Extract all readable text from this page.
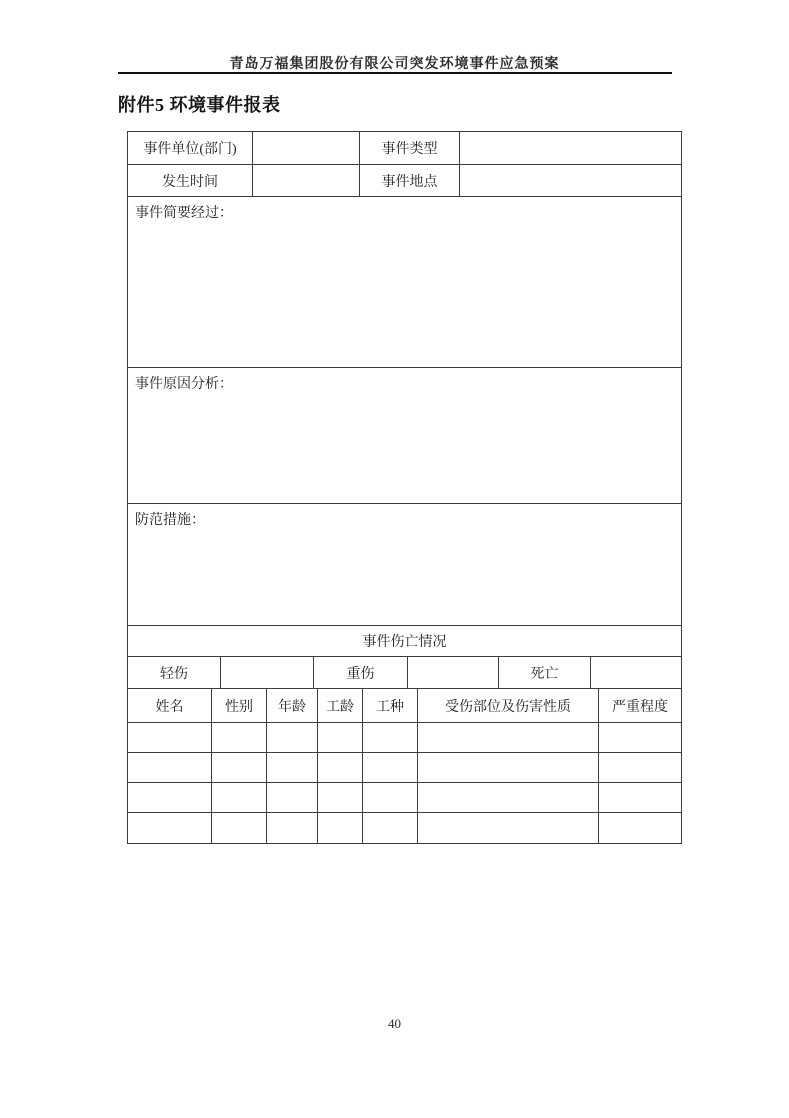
青岛万福集团股份有限公司突发环境事件应急预案
附件5 环境事件报表
事件单位(部门)	事件类型
发生时间	事件地点
事件简要经过：
事件原因分析：
防范措施：
事件伤亡情况
轻伤	重伤	死亡
姓名	性别	年龄	工龄	工种	受伤部位及伤害性质	严重程度
40
